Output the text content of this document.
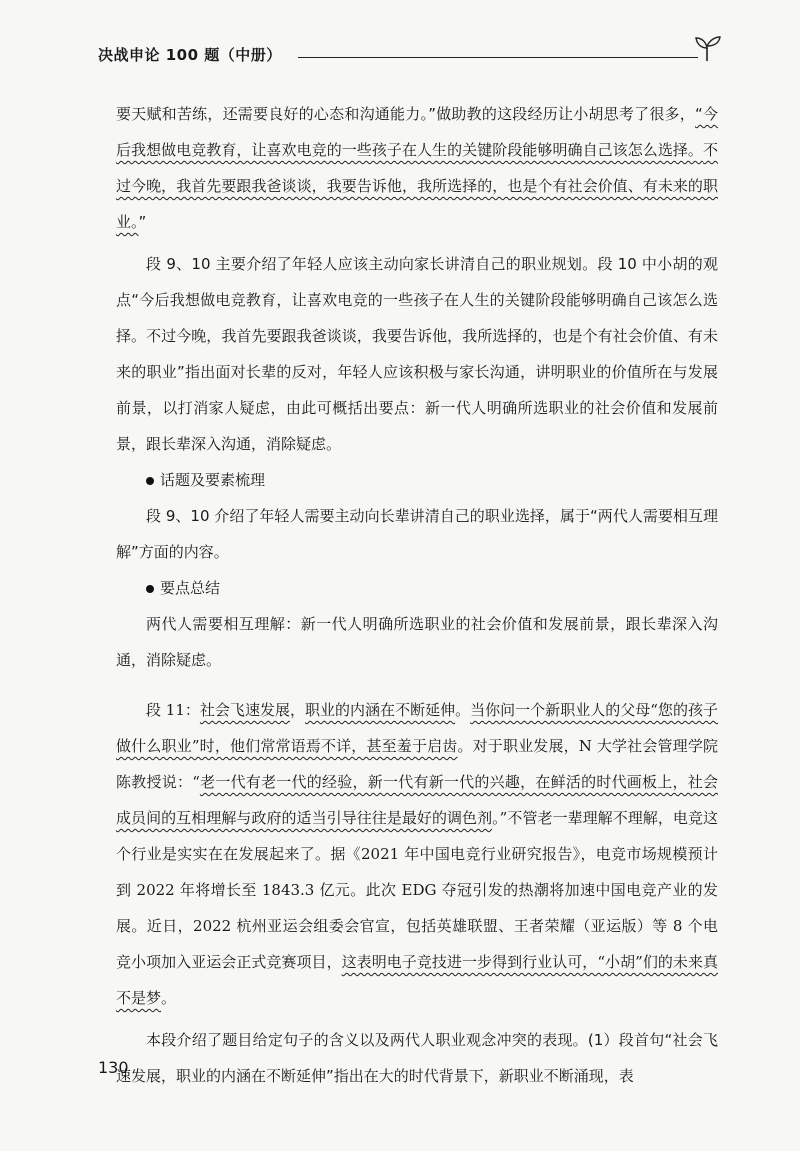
决战申论 100 题（中册）

要天赋和苦练，还需要良好的心态和沟通能力。”做助教的这段经历让小胡思考了很多，“今后我想做电竞教育，让喜欢电竞的一些孩子在人生的关键阶段能够明确自己该怎么选择。不过今晚，我首先要跟我爸谈谈，我要告诉他，我所选择的，也是个有社会价值、有未来的职业。”

段 9、10 主要介绍了年轻人应该主动向家长讲清自己的职业规划。段 10 中小胡的观点“今后我想做电竞教育，让喜欢电竞的一些孩子在人生的关键阶段能够明确自己该怎么选择。不过今晚，我首先要跟我爸谈谈，我要告诉他，我所选择的，也是个有社会价值、有未来的职业”指出面对长辈的反对，年轻人应该积极与家长沟通，讲明职业的价值所在与发展前景，以打消家人疑虑，由此可概括出要点：新一代人明确所选职业的社会价值和发展前景，跟长辈深入沟通，消除疑虑。

话题及要素梳理

段 9、10 介绍了年轻人需要主动向长辈讲清自己的职业选择，属于“两代人需要相互理解”方面的内容。

要点总结

两代人需要相互理解：新一代人明确所选职业的社会价值和发展前景，跟长辈深入沟通，消除疑虑。

段 11：社会飞速发展，职业的内涵在不断延伸。当你问一个新职业人的父母“您的孩子做什么职业”时，他们常常语焉不详，甚至羞于启齿。对于职业发展，N 大学社会管理学院陈教授说：“老一代有老一代的经验，新一代有新一代的兴趣，在鲜活的时代画板上，社会成员间的互相理解与政府的适当引导往往是最好的调色剂。”不管老一辈理解不理解，电竞这个行业是实实在在发展起来了。据《2021 年中国电竞行业研究报告》，电竞市场规模预计到 2022 年将增长至 1843.3 亿元。此次 EDG 夺冠引发的热潮将加速中国电竞产业的发展。近日，2022 杭州亚运会组委会官宣，包括英雄联盟、王者荣耀（亚运版）等 8 个电竞小项加入亚运会正式竞赛项目，这表明电子竞技进一步得到行业认可，“小胡”们的未来真不是梦。

本段介绍了题目给定句子的含义以及两代人职业观念冲突的表现。(1）段首句“社会飞速发展，职业的内涵在不断延伸”指出在大的时代背景下，新职业不断涌现，表

130
